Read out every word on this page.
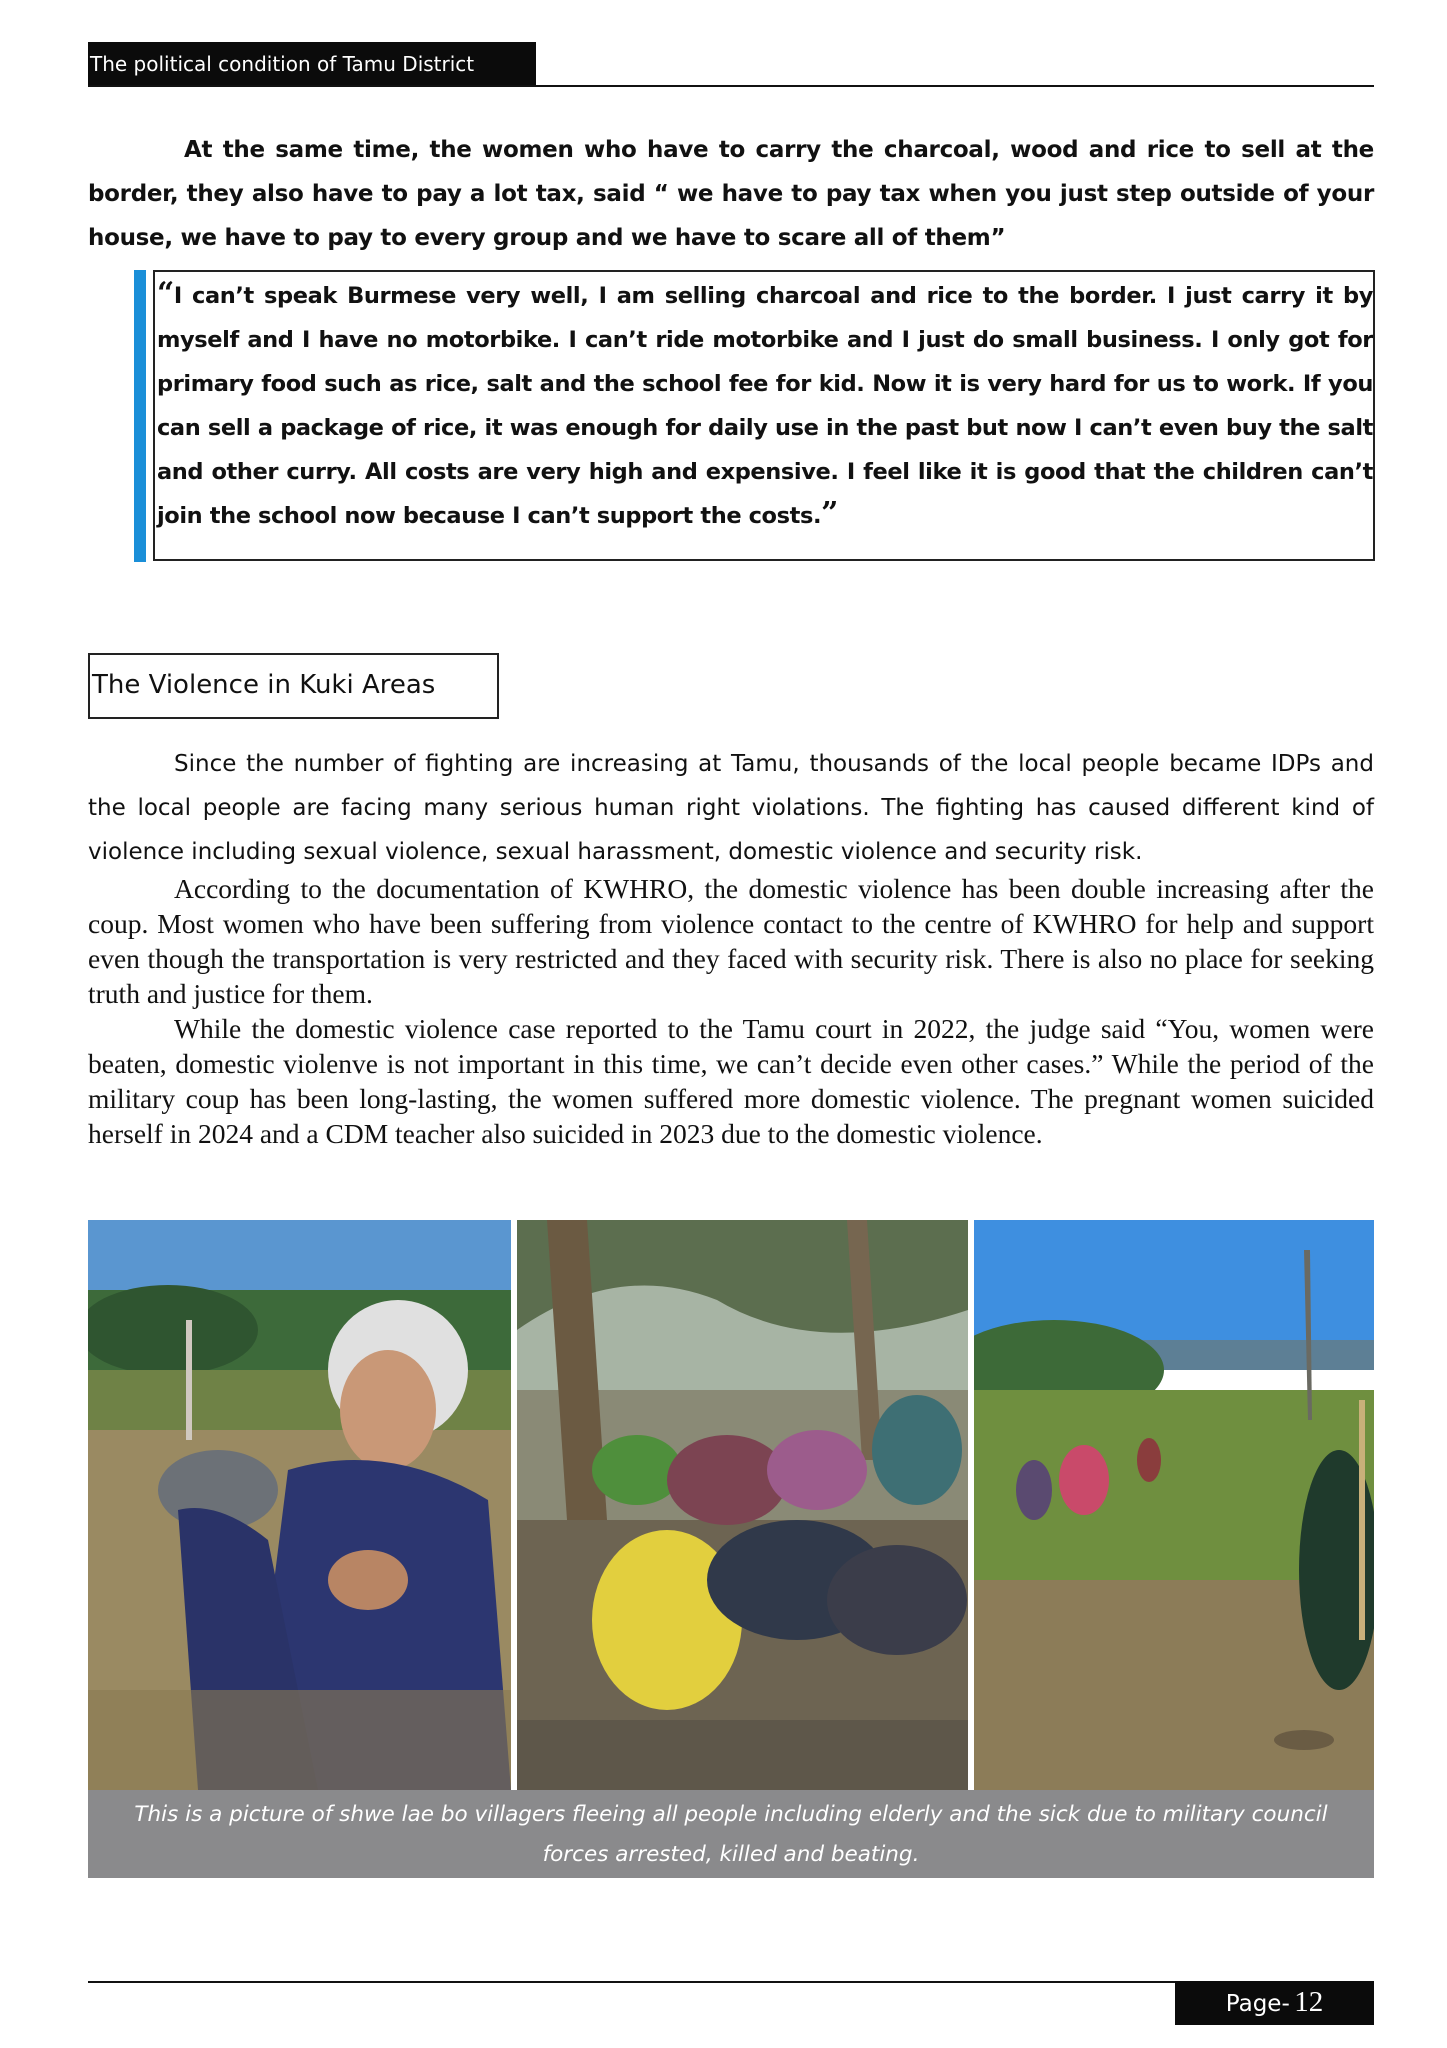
The political condition of Tamu District

At the same time, the women who have to carry the charcoal, wood and rice to sell at the border, they also have to pay a lot tax, said “ we have to pay tax when you just step outside of your house, we have to pay to every group and we have to scare all of them”

“I can’t speak Burmese very well, I am selling charcoal and rice to the border. I just carry it by myself and I have no motorbike. I can’t ride motorbike and I just do small business. I only got for primary food such as rice, salt and the school fee for kid. Now it is very hard for us to work. If you can sell a package of rice, it was enough for daily use in the past but now I can’t even buy the salt and other curry. All costs are very high and expensive. I feel like it is good that the children can’t join the school now because I can’t support the costs.”
The Violence in Kuki Areas

Since the number of fighting are increasing at Tamu, thousands of the local people became IDPs and the local people are facing many serious human right violations. The fighting has caused different kind of violence including sexual violence, sexual harassment, domestic violence and security risk.

According to the documentation of KWHRO, the domestic violence has been double increasing after the coup. Most women who have been suffering from violence contact to the centre of KWHRO for help and support even though the transportation is very restricted and they faced with security risk. There is also no place for seeking truth and justice for them.

While the domestic violence case reported to the Tamu court in 2022, the judge said “You, women were beaten, domestic violenve is not important in this time, we can’t decide even other cases.” While the period of the military coup has been long-lasting, the women suffered more domestic violence. The pregnant women suicided herself in 2024 and a CDM teacher also suicided in 2023 due to the domestic violence.

This is a picture of shwe lae bo villagers fleeing all people including elderly and the sick due to military council forces arrested, killed and beating.
Page- 12
